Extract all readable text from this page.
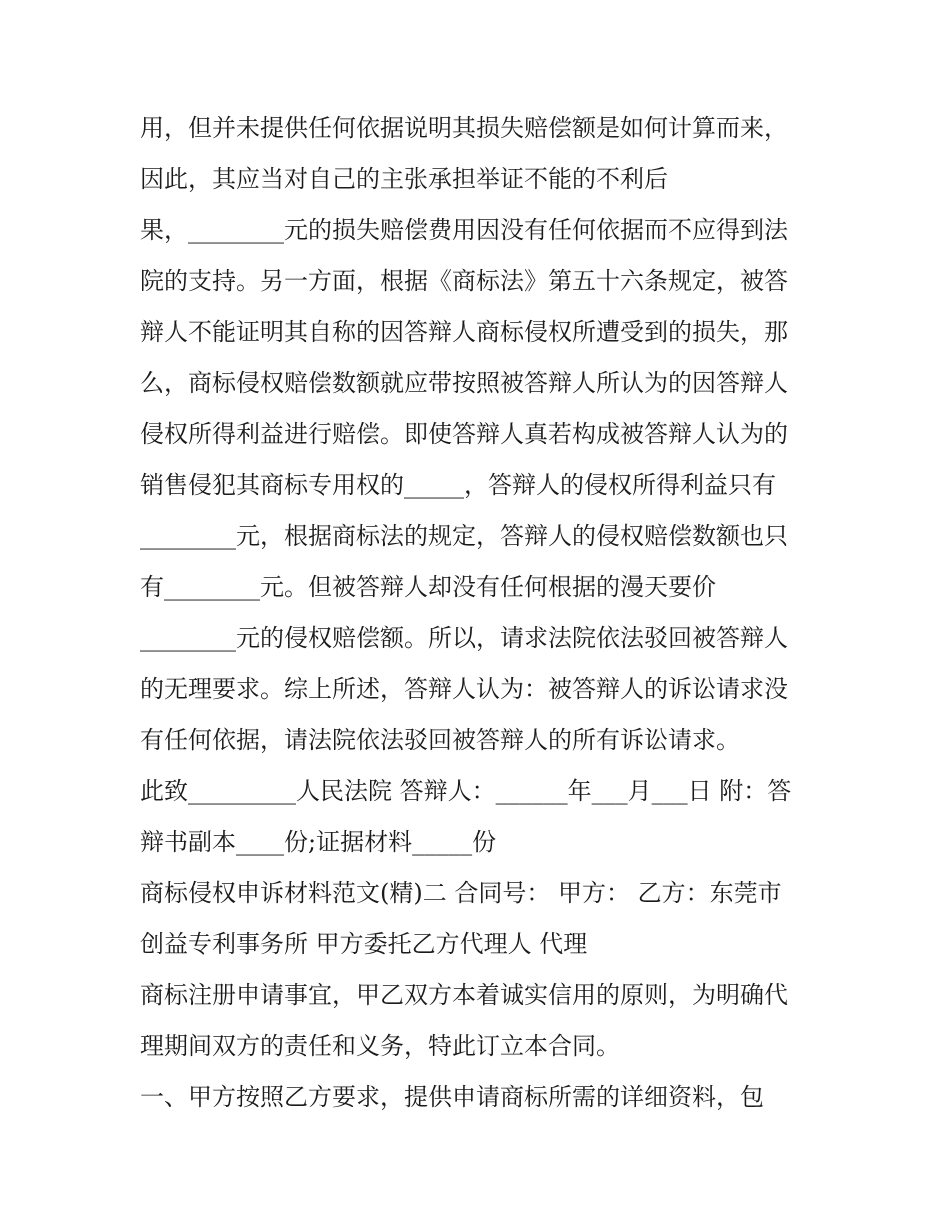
用，但并未提供任何依据说明其损失赔偿额是如何计算而来，
因此，其应当对自己的主张承担举证不能的不利后
果，________元的损失赔偿费用因没有任何依据而不应得到法
院的支持。另一方面，根据《商标法》第五十六条规定，被答
辩人不能证明其自称的因答辩人商标侵权所遭受到的损失，那
么，商标侵权赔偿数额就应带按照被答辩人所认为的因答辩人
侵权所得利益进行赔偿。即使答辩人真若构成被答辩人认为的
销售侵犯其商标专用权的_____，答辩人的侵权所得利益只有
________元，根据商标法的规定，答辩人的侵权赔偿数额也只
有________元。但被答辩人却没有任何根据的漫天要价
________元的侵权赔偿额。所以，请求法院依法驳回被答辩人
的无理要求。综上所述，答辩人认为：被答辩人的诉讼请求没
有任何依据，请法院依法驳回被答辩人的所有诉讼请求。
此致_________人民法院 答辩人：______年___月___日 附：答
辩书副本____份;证据材料_____份
商标侵权申诉材料范文(精)二 合同号： 甲方： 乙方：东莞市
创益专利事务所 甲方委托乙方代理人 代理
商标注册申请事宜，甲乙双方本着诚实信用的原则，为明确代
理期间双方的责任和义务，特此订立本合同。
一、甲方按照乙方要求，提供申请商标所需的详细资料，包
